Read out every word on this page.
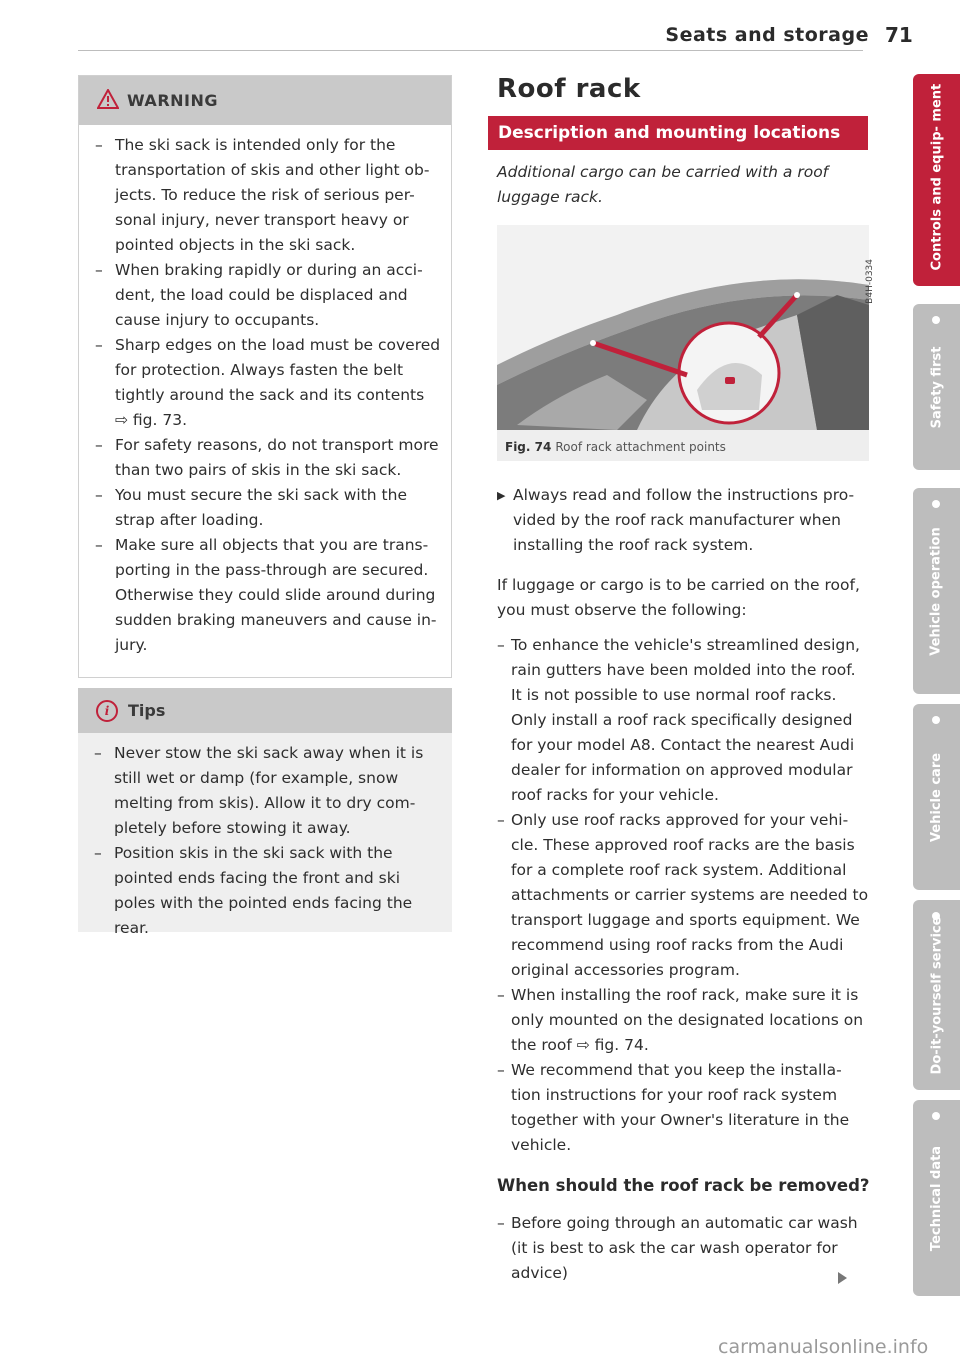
Seats and storage 71
WARNING
– The ski sack is intended only for the transportation of skis and other light ob- jects. To reduce the risk of serious per- sonal injury, never transport heavy or pointed objects in the ski sack.
– When braking rapidly or during an acci- dent, the load could be displaced and cause injury to occupants.
– Sharp edges on the load must be covered for protection. Always fasten the belt tightly around the sack and its contents ⇨ fig. 73.
– For safety reasons, do not transport more than two pairs of skis in the ski sack.
– You must secure the ski sack with the strap after loading.
– Make sure all objects that you are trans- porting in the pass-through are secured. Otherwise they could slide around during sudden braking maneuvers and cause in- jury.
i	Tips
– Never stow the ski sack away when it is still wet or damp (for example, snow melting from skis). Allow it to dry com- pletely before stowing it away.
– Position skis in the ski sack with the pointed ends facing the front and ski poles with the pointed ends facing the rear.
Roof rack
Description and mounting locations
Additional cargo can be carried with a roof luggage rack.
B4H-0334
Fig. 74 Roof rack attachment points
▶ Always read and follow the instructions pro- vided by the roof rack manufacturer when installing the roof rack system.
If luggage or cargo is to be carried on the roof, you must observe the following:
– To enhance the vehicle's streamlined design, rain gutters have been molded into the roof. It is not possible to use normal roof racks. Only install a roof rack specifically designed for your model A8. Contact the nearest Audi dealer for information on approved modular roof racks for your vehicle.
– Only use roof racks approved for your vehi- cle. These approved roof racks are the basis for a complete roof rack system. Additional attachments or carrier systems are needed to transport luggage and sports equipment. We recommend using roof racks from the Audi original accessories program.
– When installing the roof rack, make sure it is only mounted on the designated locations on the roof ⇨ fig. 74.
– We recommend that you keep the installa- tion instructions for your roof rack system together with your Owner's literature in the vehicle.
When should the roof rack be removed?
– Before going through an automatic car wash (it is best to ask the car wash operator for advice)
Controls and equip- ment
Safety first
Vehicle operation
Vehicle care
Do-it-yourself service
Technical data
carmanualsonline.info
